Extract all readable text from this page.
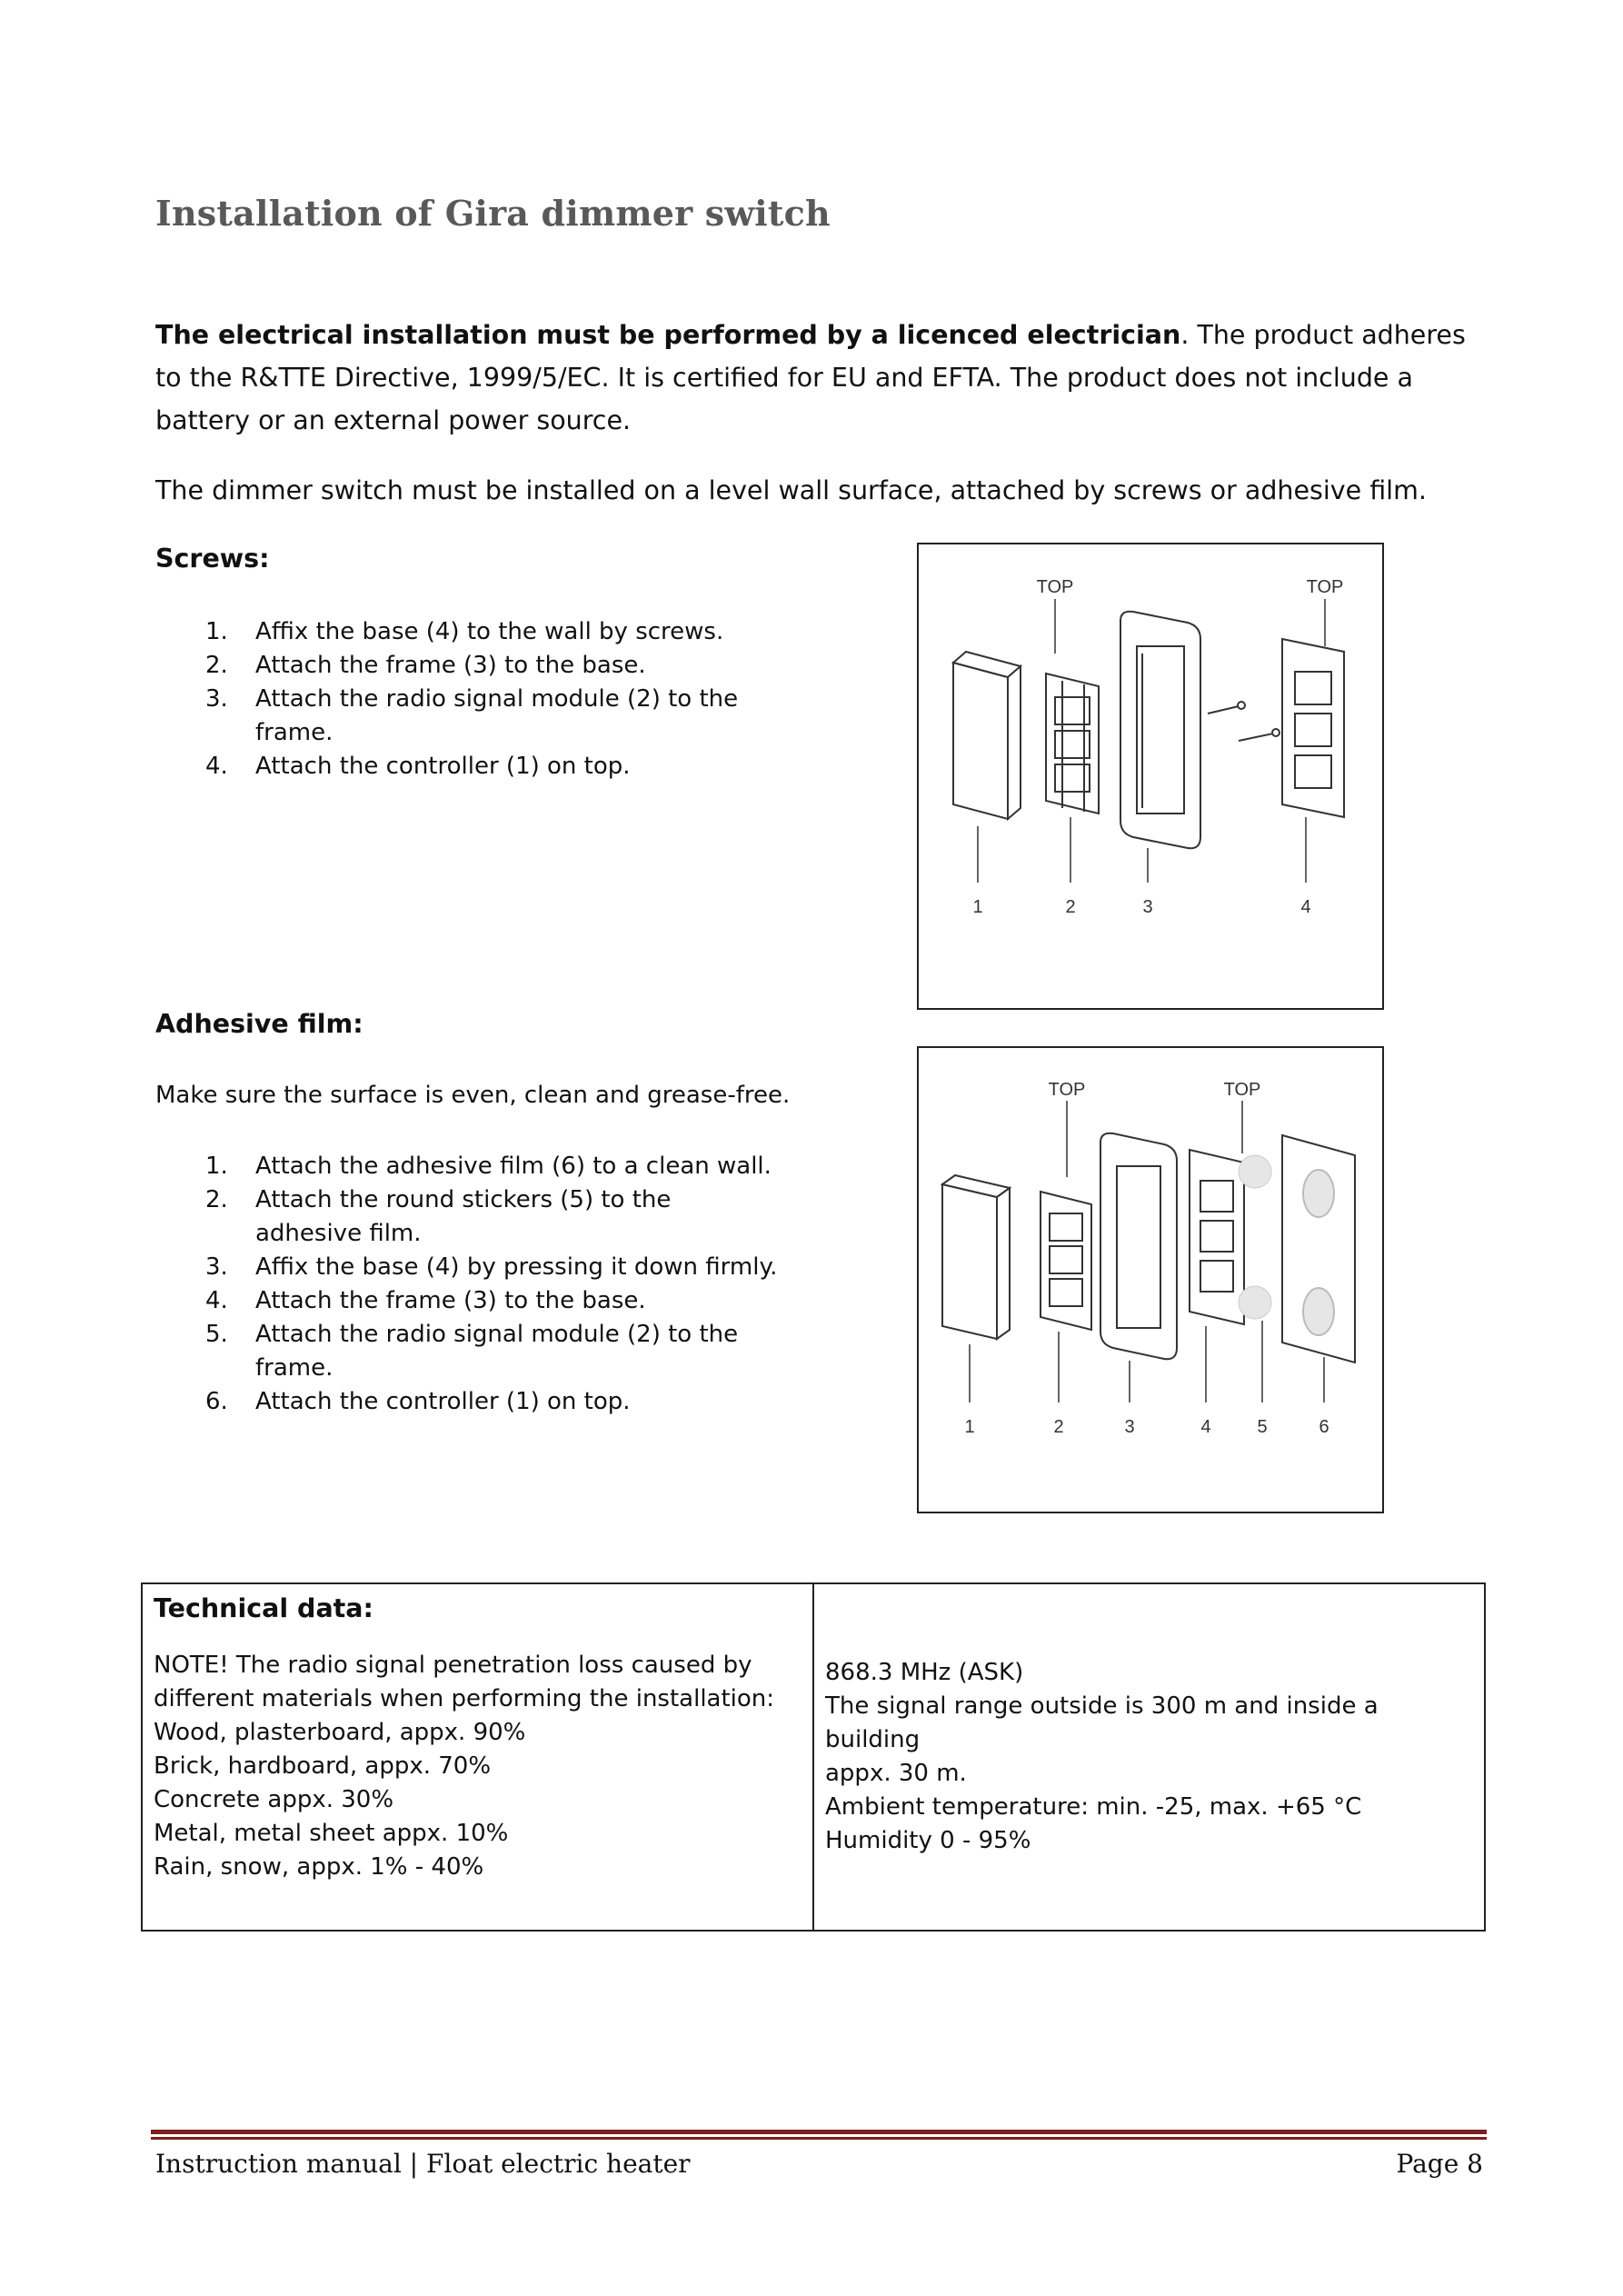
Installation of Gira dimmer switch
The electrical installation must be performed by a licenced electrician. The product adheres to the R&TTE Directive, 1999/5/EC. It is certified for EU and EFTA. The product does not include a battery or an external power source.
The dimmer switch must be installed on a level wall surface, attached by screws or adhesive film.
Screws:
1. Affix the base (4) to the wall by screws.
2. Attach the frame (3) to the base.
3. Attach the radio signal module (2) to the frame.
4. Attach the controller (1) on top.
TOP	TOP
1	2	3	4
Adhesive film:
Make sure the surface is even, clean and grease-free.
1. Attach the adhesive film (6) to a clean wall.
2. Attach the round stickers (5) to the adhesive film.
3. Affix the base (4) by pressing it down firmly.
4. Attach the frame (3) to the base.
5. Attach the radio signal module (2) to the frame.
6. Attach the controller (1) on top.
TOP	TOP
1	2	3	4	5	6
Technical data:
NOTE! The radio signal penetration loss caused by
different materials when performing the installation:
Wood, plasterboard, appx. 90%
Brick, hardboard, appx. 70%
Concrete appx. 30%
Metal, metal sheet appx. 10%
Rain, snow, appx. 1% - 40%

868.3 MHz (ASK)
The signal range outside is 300 m and inside a building
appx. 30 m.
Ambient temperature: min. -25, max. +65 °C
Humidity 0 - 95%
Instruction manual | Float electric heater	Page 8
